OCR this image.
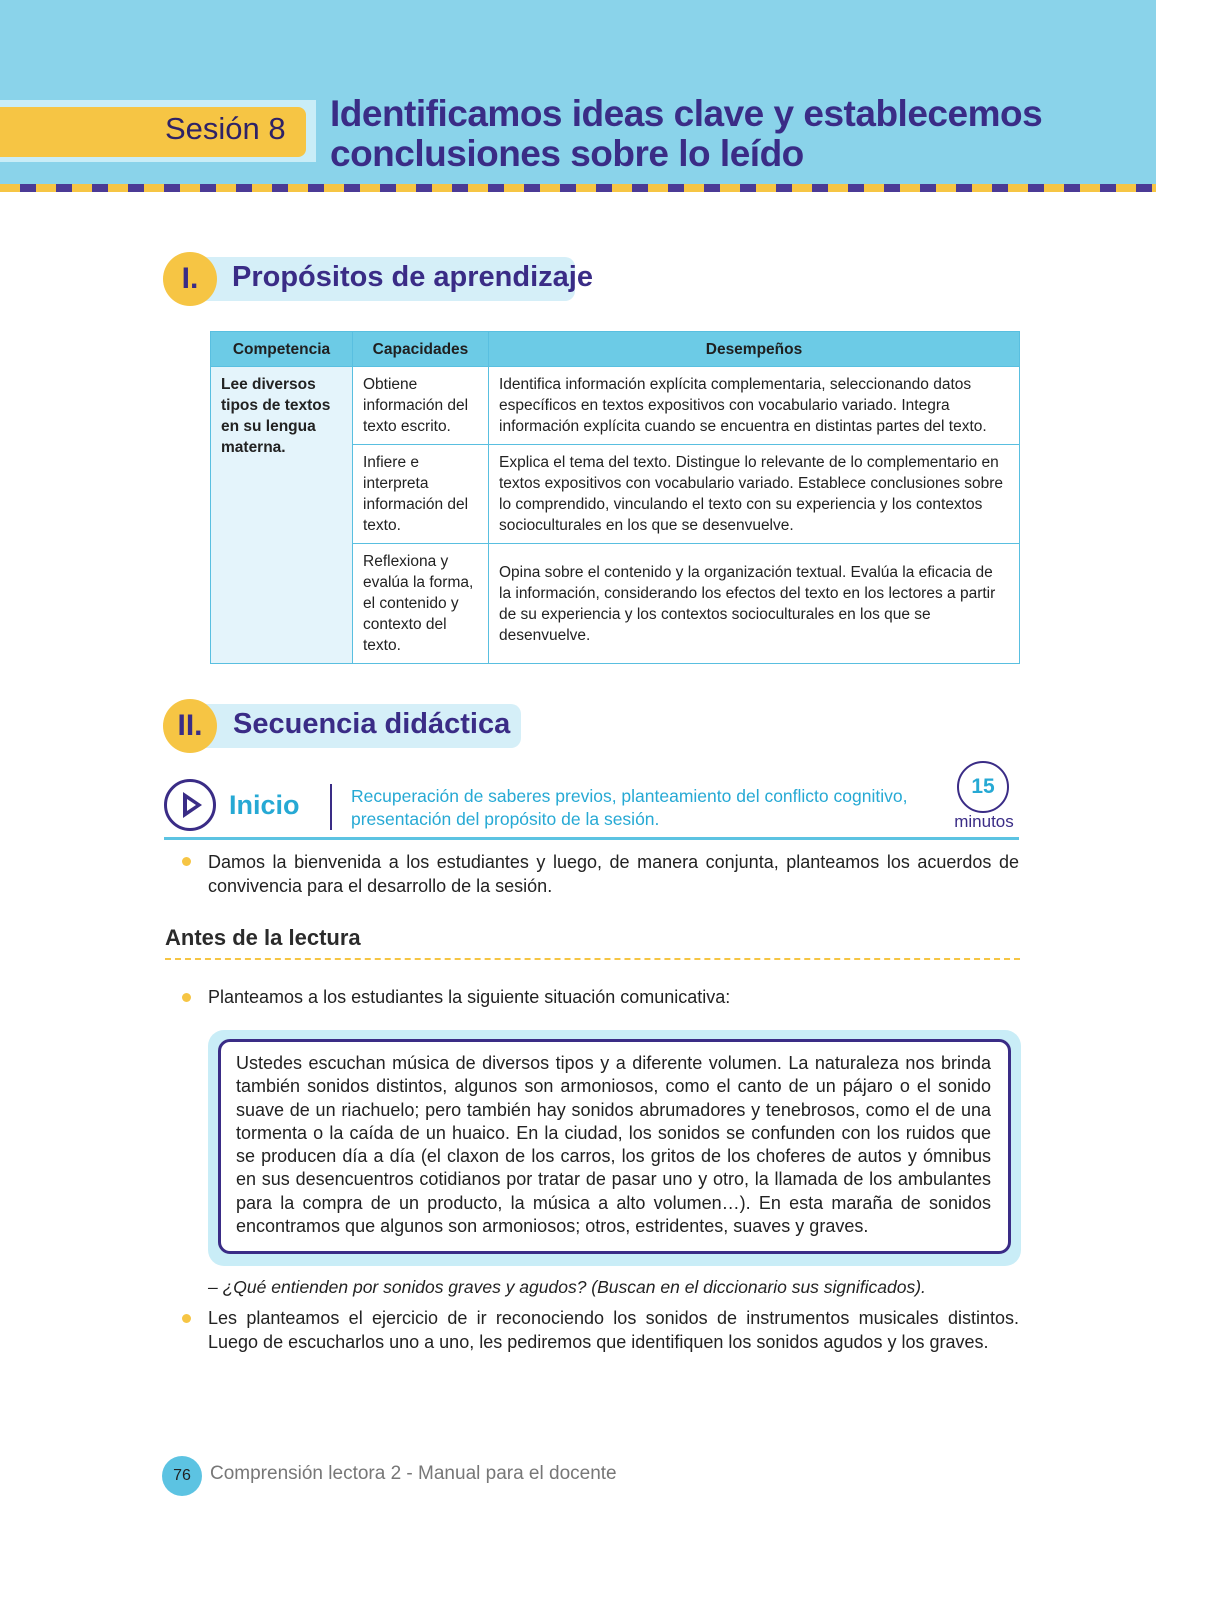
Sesión 8 Identificamos ideas clave y establecemos
conclusiones sobre lo leído
I.	Propósitos de aprendizaje
Competencia	Capacidades	Desempeños
Lee diversos tipos de textos en su lengua materna.	Obtiene información del texto escrito.	Identifica información explícita complementaria, seleccionando datos específicos en textos expositivos con vocabulario variado. Integra información explícita cuando se encuentra en distintas partes del texto.
	Infiere e interpreta información del texto.	Explica el tema del texto. Distingue lo relevante de lo complementario en textos expositivos con vocabulario variado. Establece conclusiones sobre lo comprendido, vinculando el texto con su experiencia y los contextos socioculturales en los que se desenvuelve.
	Reflexiona y evalúa la forma, el contenido y contexto del texto.	Opina sobre el contenido y la organización textual. Evalúa la eficacia de la información, considerando los efectos del texto en los lectores a partir de su experiencia y los contextos socioculturales en los que se desenvuelve.
II.	Secuencia didáctica
Inicio	Recuperación de saberes previos, planteamiento del conflicto cognitivo, presentación del propósito de la sesión.
15
minutos
Damos la bienvenida a los estudiantes y luego, de manera conjunta, planteamos los acuerdos de convivencia para el desarrollo de la sesión.
Antes de la lectura
Planteamos a los estudiantes la siguiente situación comunicativa:
Ustedes escuchan música de diversos tipos y a diferente volumen. La naturaleza nos brinda también sonidos distintos, algunos son armoniosos, como el canto de un pájaro o el sonido suave de un riachuelo; pero también hay sonidos abrumadores y tenebrosos, como el de una tormenta o la caída de un huaico. En la ciudad, los sonidos se confunden con los ruidos que se producen día a día (el claxon de los carros, los gritos de los choferes de autos y ómnibus en sus desencuentros cotidianos por tratar de pasar uno y otro, la llamada de los ambulantes para la compra de un producto, la música a alto volumen…). En esta maraña de sonidos encontramos que algunos son armoniosos; otros, estridentes, suaves y graves.
– ¿Qué entienden por sonidos graves y agudos? (Buscan en el diccionario sus significados).
Les planteamos el ejercicio de ir reconociendo los sonidos de instrumentos musicales distintos. Luego de escucharlos uno a uno, les pediremos que identifiquen los sonidos agudos y los graves.
76	Comprensión lectora 2 - Manual para el docente
